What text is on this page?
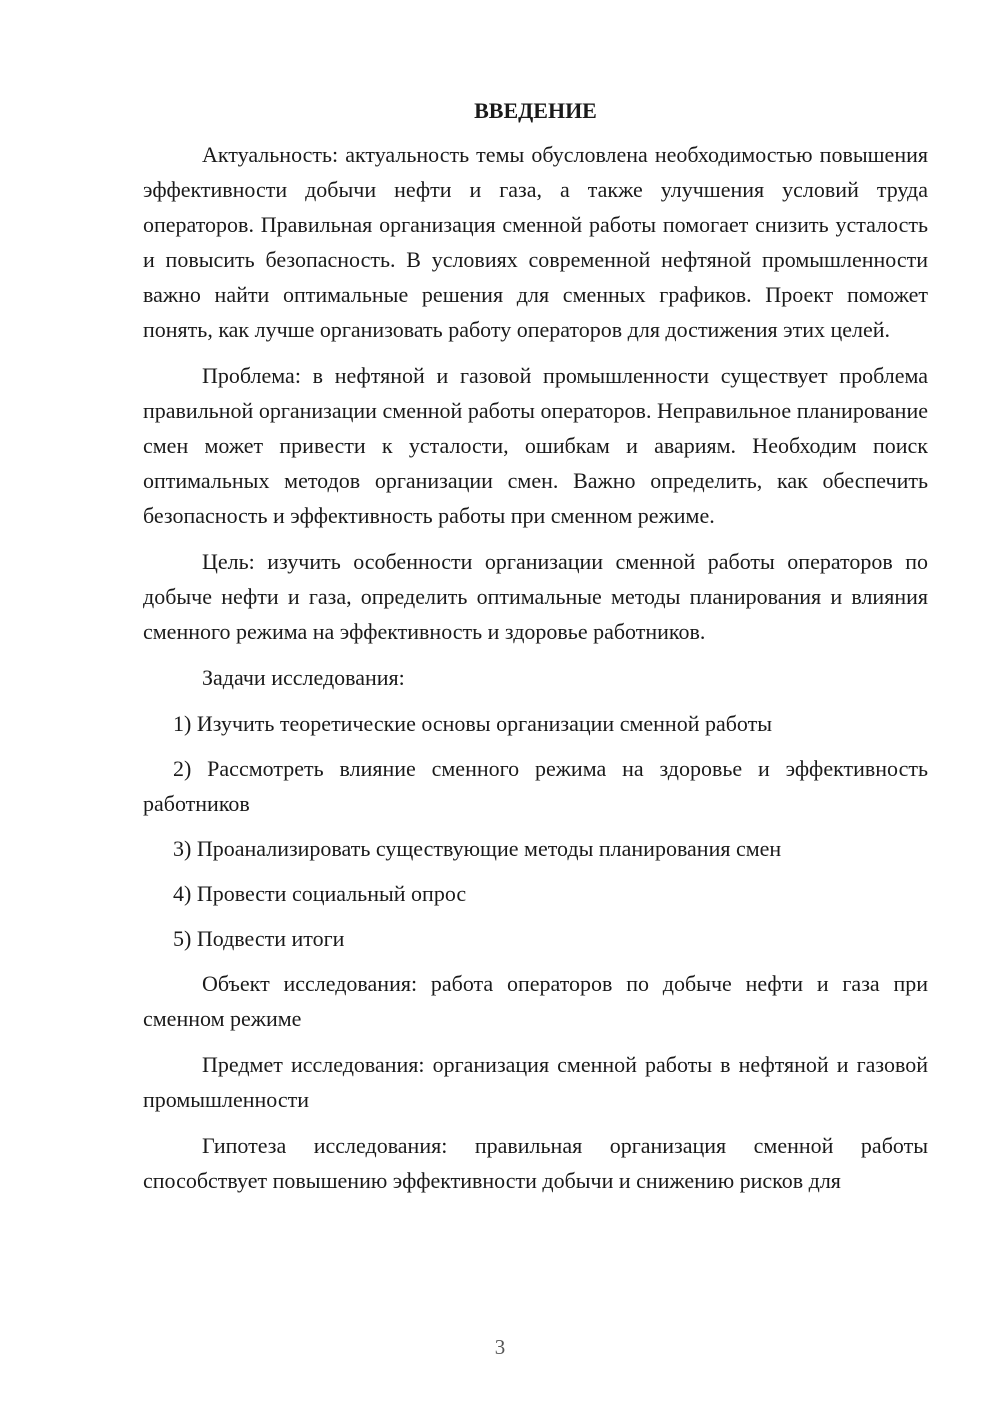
ВВЕДЕНИЕ

Актуальность: актуальность темы обусловлена необходимостью повышения эффективности добычи нефти и газа, а также улучшения условий труда операторов. Правильная организация сменной работы помогает снизить усталость и повысить безопасность. В условиях современной нефтяной промышленности важно найти оптимальные решения для сменных графиков. Проект поможет понять, как лучше организовать работу операторов для достижения этих целей.

Проблема: в нефтяной и газовой промышленности существует проблема правильной организации сменной работы операторов. Неправильное планирование смен может привести к усталости, ошибкам и авариям. Необходим поиск оптимальных методов организации смен. Важно определить, как обеспечить безопасность и эффективность работы при сменном режиме.

Цель: изучить особенности организации сменной работы операторов по добыче нефти и газа, определить оптимальные методы планирования и влияния сменного режима на эффективность и здоровье работников.

Задачи исследования:

1) Изучить теоретические основы организации сменной работы

2) Рассмотреть влияние сменного режима на здоровье и эффективность работников

3) Проанализировать существующие методы планирования смен

4) Провести социальный опрос

5) Подвести итоги

Объект исследования: работа операторов по добыче нефти и газа при сменном режиме

Предмет исследования: организация сменной работы в нефтяной и газовой промышленности

Гипотеза исследования: правильная организация сменной работы способствует повышению эффективности добычи и снижению рисков для

3
